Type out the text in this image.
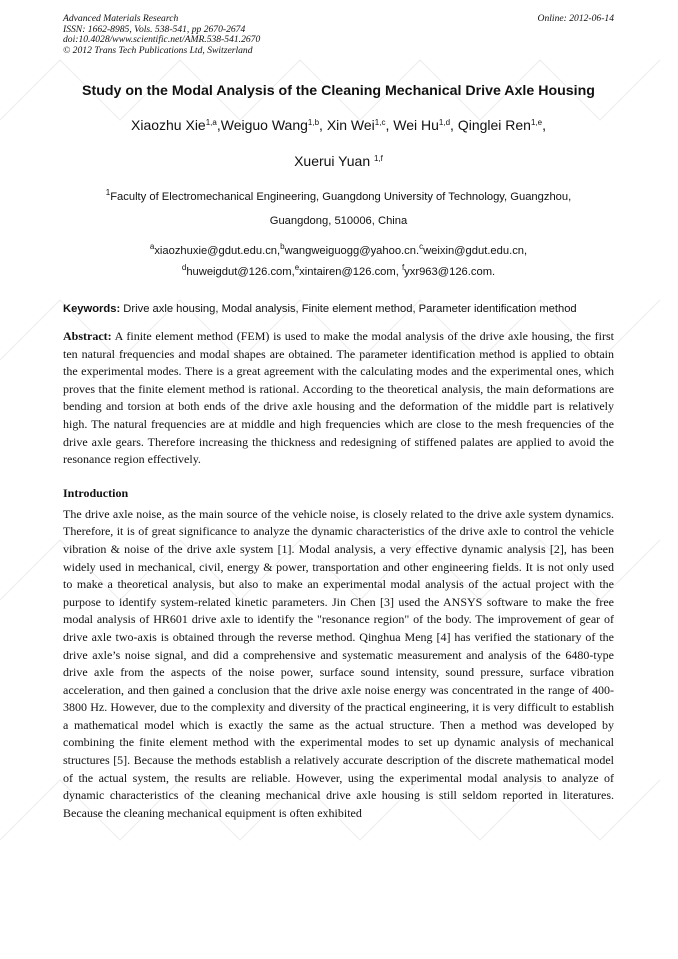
Advanced Materials Research
ISSN: 1662-8985, Vols. 538-541, pp 2670-2674
doi:10.4028/www.scientific.net/AMR.538-541.2670
© 2012 Trans Tech Publications Ltd, Switzerland
Online: 2012-06-14
Study on the Modal Analysis of the Cleaning Mechanical Drive Axle Housing
Xiaozhu Xie$^{1,a}$,Weiguo Wang$^{1,b}$, Xin Wei$^{1,c}$, Wei Hu$^{1,d}$, Qinglei Ren$^{1,e}$,
Xuerui Yuan $^{1,f}$
$^1$Faculty of Electromechanical Engineering, Guangdong University of Technology, Guangzhou,
Guangdong, 510006, China
$^a$xiaozhuxie@gdut.edu.cn,$^b$wangweiguogg@yahoo.cn.$^c$weixin@gdut.edu.cn,
$^d$huweigdut@126.com,$^e$xintairen@126.com, $^f$yxr963@126.com.
Keywords: Drive axle housing, Modal analysis, Finite element method, Parameter identification method
Abstract: A finite element method (FEM) is used to make the modal analysis of the drive axle housing, the first ten natural frequencies and modal shapes are obtained. The parameter identification method is applied to obtain the experimental modes. There is a great agreement with the calculating modes and the experimental ones, which proves that the finite element method is rational. According to the theoretical analysis, the main deformations are bending and torsion at both ends of the drive axle housing and the deformation of the middle part is relatively high. The natural frequencies are at middle and high frequencies which are close to the mesh frequencies of the drive axle gears. Therefore increasing the thickness and redesigning of stiffened palates are applied to avoid the resonance region effectively.
Introduction
The drive axle noise, as the main source of the vehicle noise, is closely related to the drive axle system dynamics. Therefore, it is of great significance to analyze the dynamic characteristics of the drive axle to control the vehicle vibration & noise of the drive axle system [1]. Modal analysis, a very effective dynamic analysis [2], has been widely used in mechanical, civil, energy & power, transportation and other engineering fields. It is not only used to make a theoretical analysis, but also to make an experimental modal analysis of the actual project with the purpose to identify system-related kinetic parameters. Jin Chen [3] used the ANSYS software to make the free modal analysis of HR601 drive axle to identify the "resonance region" of the body. The improvement of gear of drive axle two-axis is obtained through the reverse method. Qinghua Meng [4] has verified the stationary of the drive axle’s noise signal, and did a comprehensive and systematic measurement and analysis of the 6480-type drive axle from the aspects of the noise power, surface sound intensity, sound pressure, surface vibration acceleration, and then gained a conclusion that the drive axle noise energy was concentrated in the range of 400-3800 Hz. However, due to the complexity and diversity of the practical engineering, it is very difficult to establish a mathematical model which is exactly the same as the actual structure. Then a method was developed by combining the finite element method with the experimental modes to set up dynamic analysis of mechanical structures [5]. Because the methods establish a relatively accurate description of the discrete mathematical model of the actual system, the results are reliable. However, using the experimental modal analysis to analyze of dynamic characteristics of the cleaning mechanical drive axle housing is still seldom reported in literatures. Because the cleaning mechanical equipment is often exhibited
